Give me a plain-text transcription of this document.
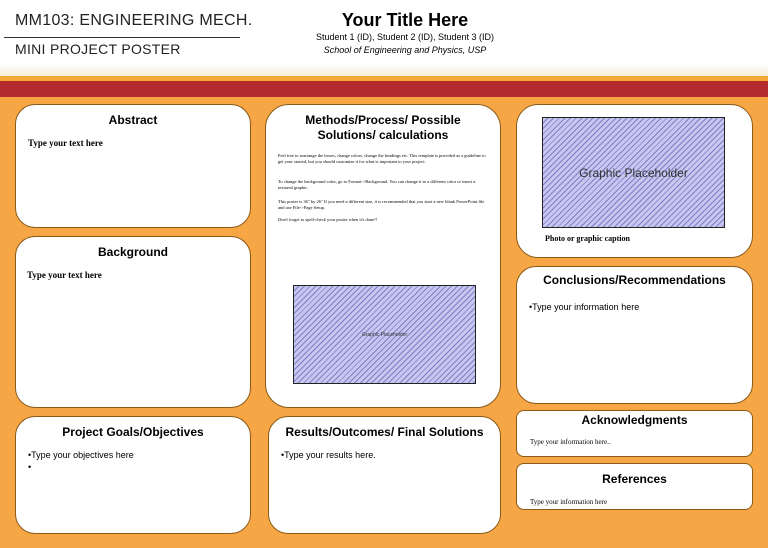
MM103: ENGINEERING MECH.
MINI PROJECT POSTER
Your Title Here
Student 1 (ID), Student 2 (ID), Student 3 (ID)
School of Engineering and Physics, USP
Abstract
Type your text here
Background
Type your text here
Project Goals/Objectives
•Type your objectives here
•
Methods/Process/ Possible
Solutions/ calculations
Feel free to rearrange the boxes, change colors, change the headings etc. This template is provided as a guideline to get your started, but you should customize it for what is important to your project.
To change the background color, go to Format->Background. You can change it to a different color or insert a textured graphic.
This poster is 36" by 26" If you need a different size, it is recommended that you start a new blank PowerPoint file and use File->Page Setup.
Don't forget to spell-check your poster when it's done!!
Graphic Placeholder
Results/Outcomes/ Final Solutions
•Type your results here.
Graphic Placeholder
Photo or graphic caption
Conclusions/Recommendations
•Type your information here
Acknowledgments
Type your information here..
References
Type your information here
